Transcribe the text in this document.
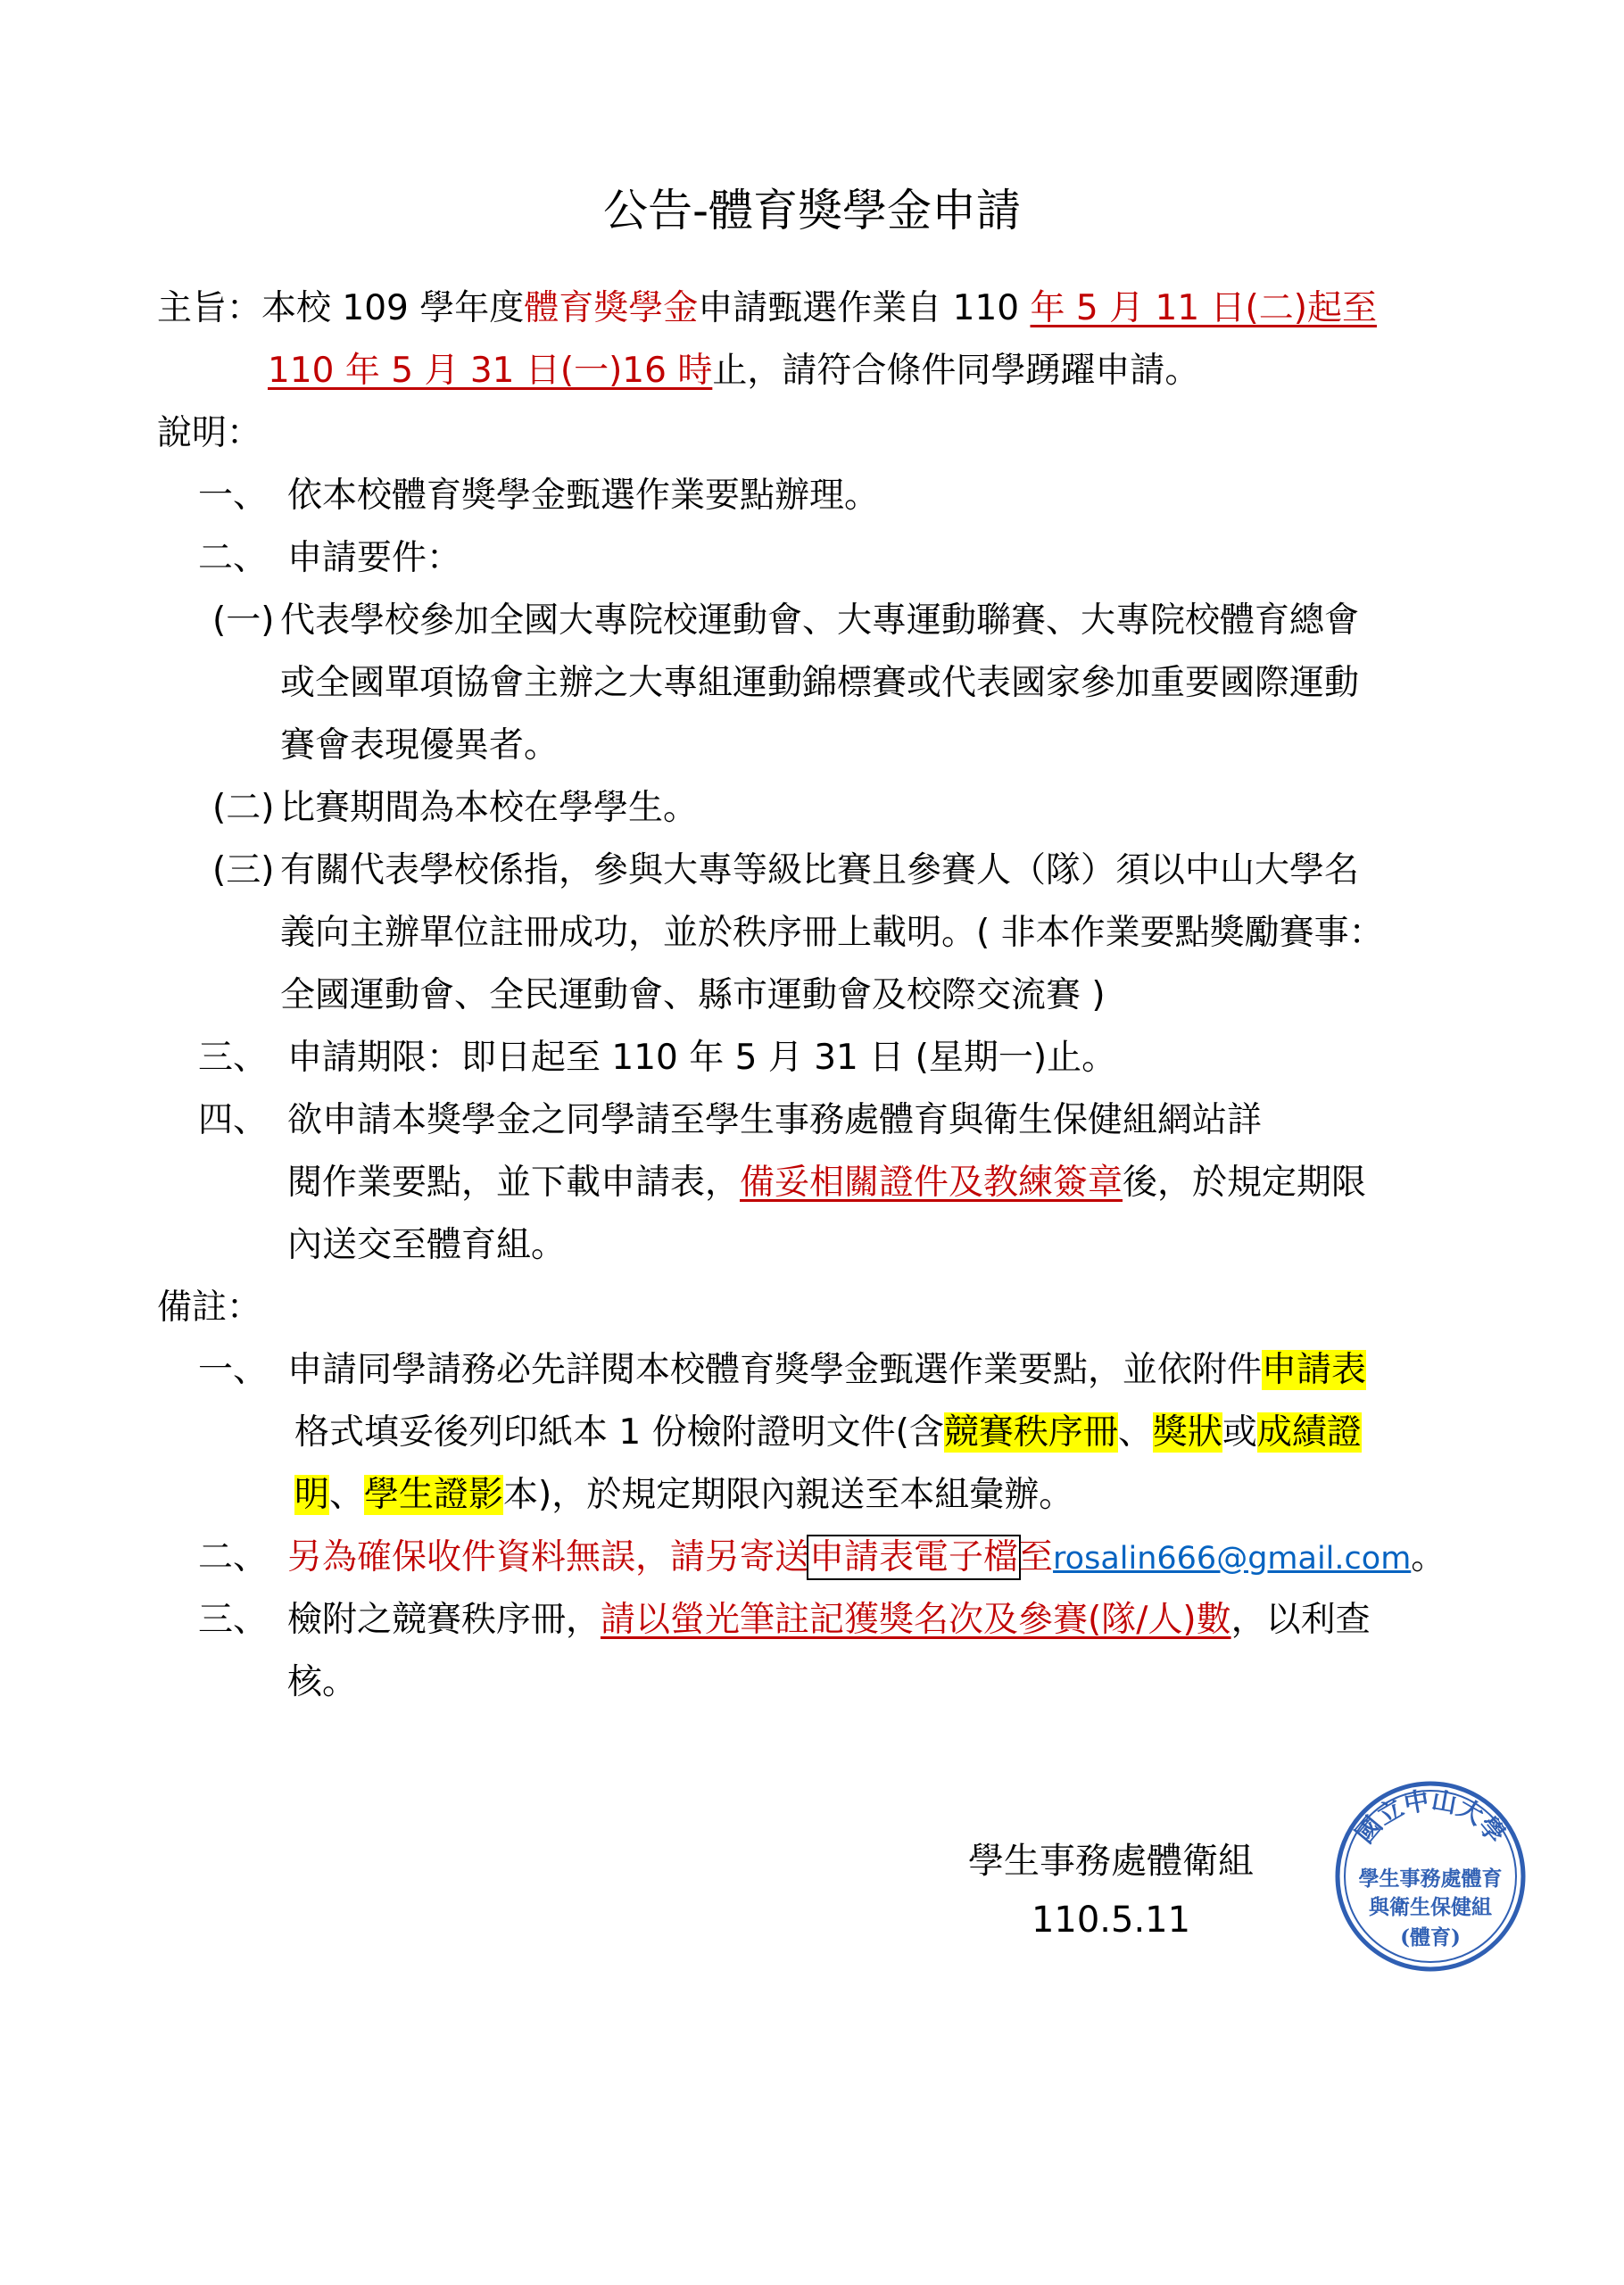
公告-體育獎學金申請
主旨：本校 109 學年度體育獎學金申請甄選作業自 110 年 5 月 11 日(二)起至
110 年 5 月 31 日(一)16 時止，請符合條件同學踴躍申請。
說明：
一、 依本校體育獎學金甄選作業要點辦理。
二、 申請要件：
(一) 代表學校參加全國大專院校運動會、大專運動聯賽、大專院校體育總會
或全國單項協會主辦之大專組運動錦標賽或代表國家參加重要國際運動
賽會表現優異者。
(二) 比賽期間為本校在學學生。
(三) 有關代表學校係指，參與大專等級比賽且參賽人（隊）須以中山大學名
義向主辦單位註冊成功，並於秩序冊上載明。( 非本作業要點獎勵賽事：
全國運動會、全民運動會、縣市運動會及校際交流賽 )
三、 申請期限：即日起至 110 年 5 月 31 日 (星期一)止。
四、 欲申請本獎學金之同學請至學生事務處體育與衛生保健組網站詳
閱作業要點，並下載申請表，備妥相關證件及教練簽章後，於規定期限
內送交至體育組。
備註：
一、 申請同學請務必先詳閱本校體育獎學金甄選作業要點，並依附件申請表
格式填妥後列印紙本 1 份檢附證明文件(含競賽秩序冊、獎狀或成績證
明、學生證影本)，於規定期限內親送至本組彙辦。
二、 另為確保收件資料無誤，請另寄送申請表電子檔至rosalin666@gmail.com。
三、 檢附之競賽秩序冊，請以螢光筆註記獲獎名次及參賽(隊/人)數，以利查
核。
學生事務處體衛組
110.5.11
國立中山大學
學生事務處體育
與衛生保健組
(體育)
